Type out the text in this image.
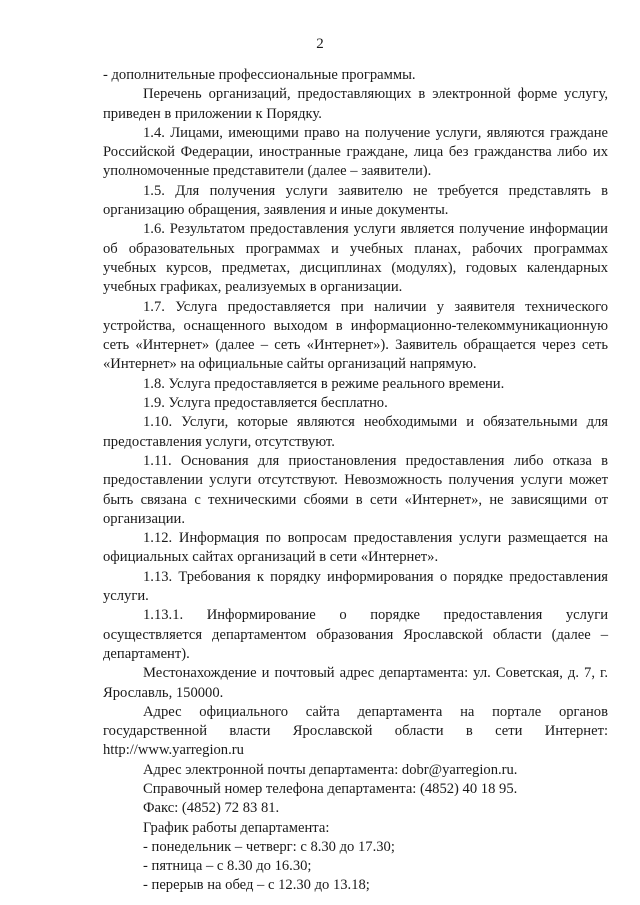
2

- дополнительные профессиональные программы.

Перечень организаций, предоставляющих в электронной форме услугу, приведен в приложении к Порядку.

1.4. Лицами, имеющими право на получение услуги, являются граждане Российской Федерации, иностранные граждане, лица без гражданства либо их уполномоченные представители (далее – заявители).

1.5. Для получения услуги заявителю не требуется представлять в организацию обращения, заявления и иные документы.

1.6. Результатом предоставления услуги является получение информации об образовательных программах и учебных планах, рабочих программах учебных курсов, предметах, дисциплинах (модулях), годовых календарных учебных графиках, реализуемых в организации.

1.7. Услуга предоставляется при наличии у заявителя технического устройства, оснащенного выходом в информационно-телекоммуникационную сеть «Интернет» (далее – сеть «Интернет»). Заявитель обращается через сеть «Интернет» на официальные сайты организаций напрямую.

1.8. Услуга предоставляется в режиме реального времени.

1.9. Услуга предоставляется бесплатно.

1.10. Услуги, которые являются необходимыми и обязательными для предоставления услуги, отсутствуют.

1.11. Основания для приостановления предоставления либо отказа в предоставлении услуги отсутствуют. Невозможность получения услуги может быть связана с техническими сбоями в сети «Интернет», не зависящими от организации.

1.12. Информация по вопросам предоставления услуги размещается на официальных сайтах организаций в сети «Интернет».

1.13. Требования к порядку информирования о порядке предоставления услуги.

1.13.1. Информирование о порядке предоставления услуги осуществляется департаментом образования Ярославской области (далее – департамент).

Местонахождение и почтовый адрес департамента: ул. Советская, д. 7, г. Ярославль, 150000.

Адрес официального сайта департамента на портале органов государственной власти Ярославской области в сети Интернет: http://www.yarregion.ru

Адрес электронной почты департамента: dobr@yarregion.ru.

Справочный номер телефона департамента: (4852) 40 18 95.

Факс: (4852) 72 83 81.

График работы департамента:

- понедельник – четверг: с 8.30 до 17.30;

- пятница – с 8.30 до 16.30;

- перерыв на обед – с 12.30 до 13.18;
